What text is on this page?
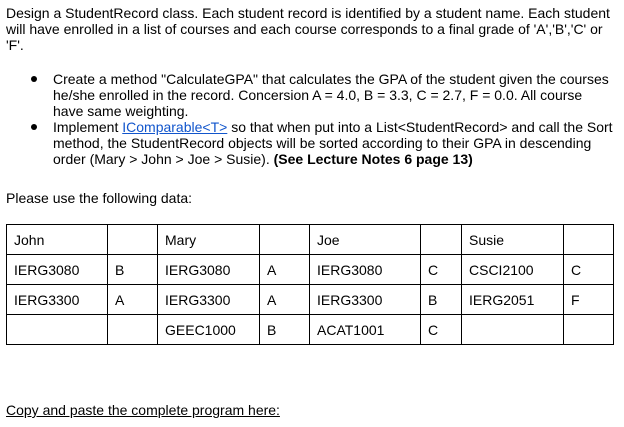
Design a StudentRecord class. Each student record is identified by a student name. Each student will have enrolled in a list of courses and each course corresponds to a final grade of 'A','B','C' or 'F'.

Create a method "CalculateGPA" that calculates the GPA of the student given the courses he/she enrolled in the record. Concersion A = 4.0, B = 3.3, C = 2.7, F = 0.0. All course have same weighting.
Implement IComparable<T> so that when put into a List<StudentRecord> and call the Sort method, the StudentRecord objects will be sorted according to their GPA in descending order (Mary > John > Joe > Susie). (See Lecture Notes 6 page 13)

Please use the following data:

John		Mary		Joe		Susie	
IERG3080	B	IERG3080	A	IERG3080	C	CSCI2100	C
IERG3300	A	IERG3300	A	IERG3300	B	IERG2051	F
		GEEC1000	B	ACAT1001	C		

Copy and paste the complete program here:
